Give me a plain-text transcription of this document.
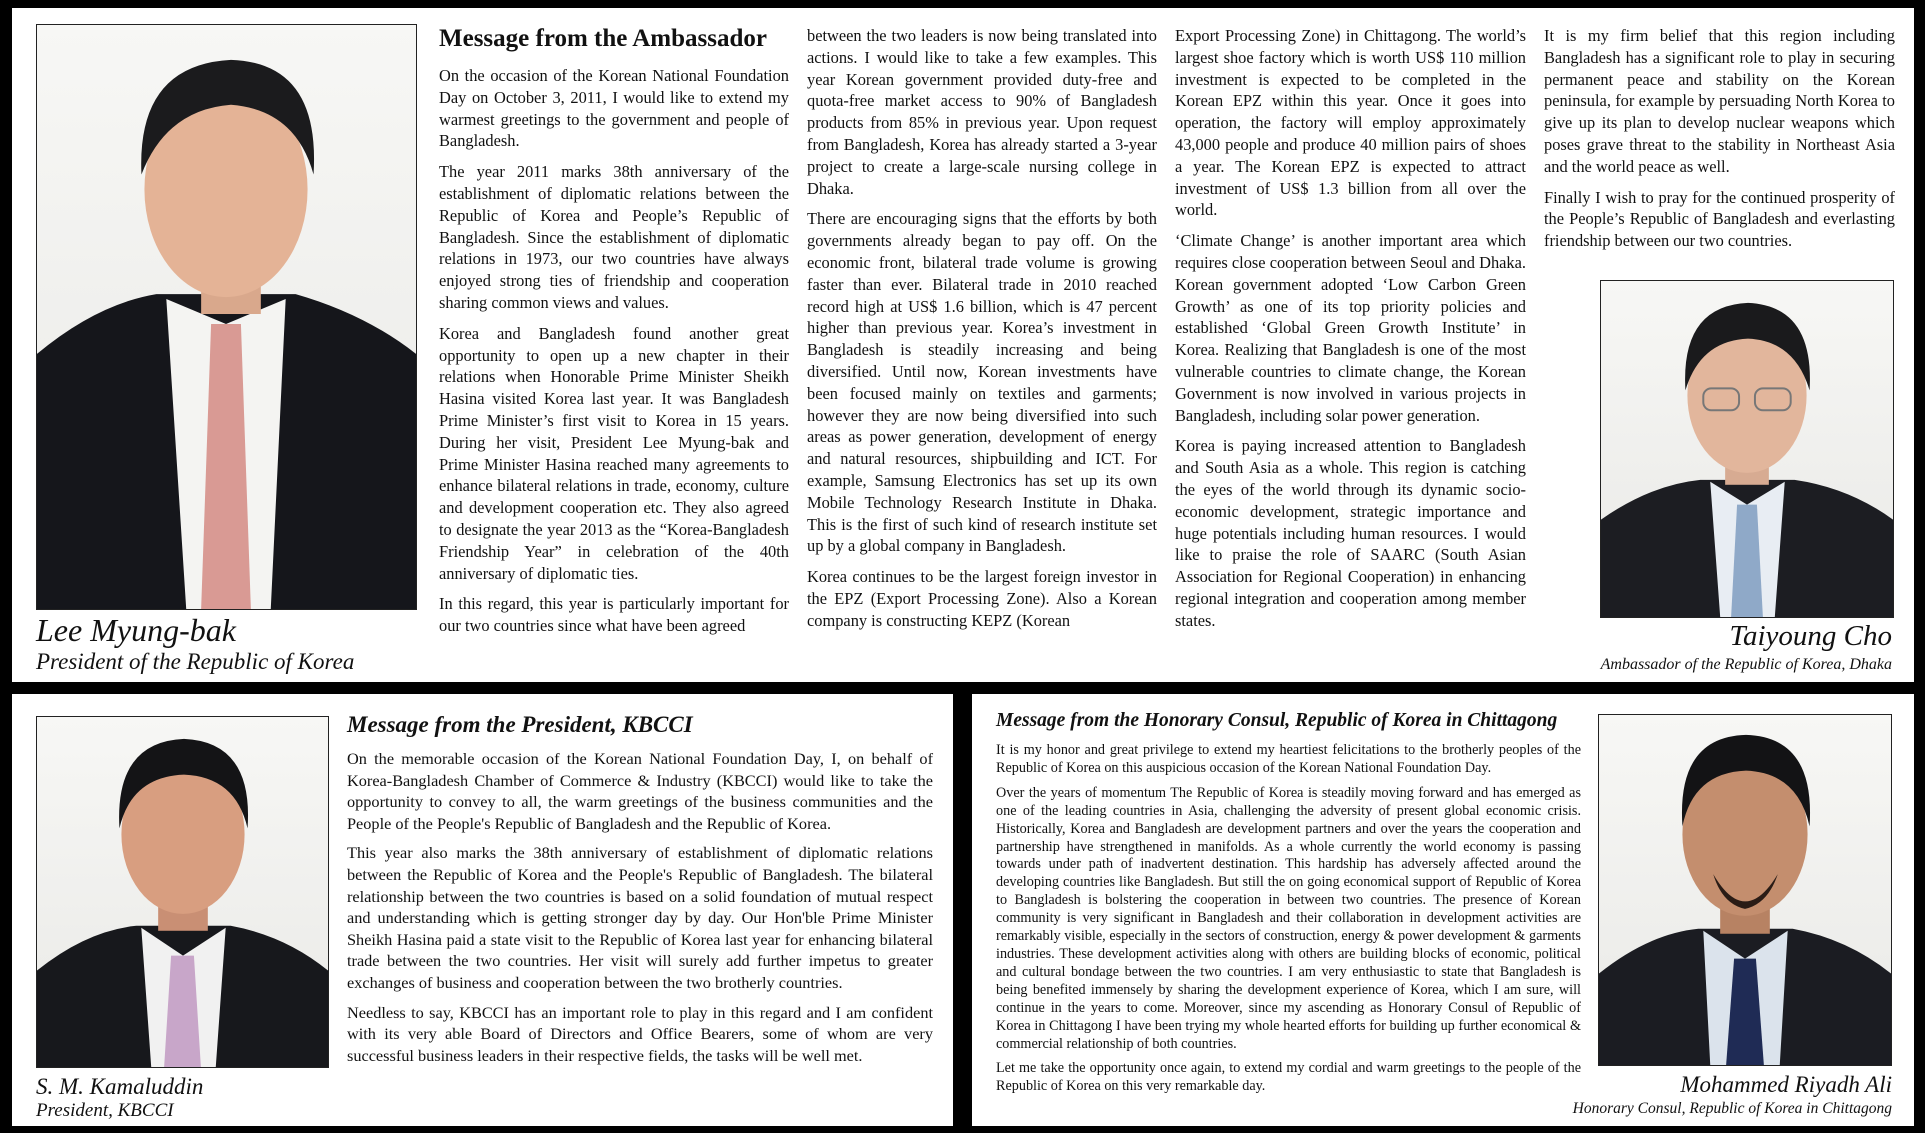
Lee Myung-bak
President of the Republic of Korea
Message from the Ambassador

On the occasion of the Korean National Foundation Day on October 3, 2011, I would like to extend my warmest greetings to the government and people of Bangladesh.

The year 2011 marks 38th anniversary of the establishment of diplomatic relations between the Republic of Korea and People’s Republic of Bangladesh. Since the establishment of diplomatic relations in 1973, our two countries have always enjoyed strong ties of friendship and cooperation sharing common views and values.

Korea and Bangladesh found another great opportunity to open up a new chapter in their relations when Honorable Prime Minister Sheikh Hasina visited Korea last year. It was Bangladesh Prime Minister’s first visit to Korea in 15 years. During her visit, President Lee Myung-bak and Prime Minister Hasina reached many agreements to enhance bilateral relations in trade, economy, culture and development cooperation etc. They also agreed to designate the year 2013 as the “Korea-Bangladesh Friendship Year” in celebration of the 40th anniversary of diplomatic ties.

In this regard, this year is particularly important for our two countries since what have been agreed

between the two leaders is now being translated into actions. I would like to take a few examples. This year Korean government provided duty-free and quota-free market access to 90% of Bangladesh products from 85% in previous year. Upon request from Bangladesh, Korea has already started a 3-year project to create a large-scale nursing college in Dhaka.

There are encouraging signs that the efforts by both governments already began to pay off. On the economic front, bilateral trade volume is growing faster than ever. Bilateral trade in 2010 reached record high at US$ 1.6 billion, which is 47 percent higher than previous year. Korea’s investment in Bangladesh is steadily increasing and being diversified. Until now, Korean investments have been focused mainly on textiles and garments; however they are now being diversified into such areas as power generation, development of energy and natural resources, shipbuilding and ICT. For example, Samsung Electronics has set up its own Mobile Technology Research Institute in Dhaka. This is the first of such kind of research institute set up by a global company in Bangladesh.

Korea continues to be the largest foreign investor in the EPZ (Export Processing Zone). Also a Korean company is constructing KEPZ (Korean

Export Processing Zone) in Chittagong. The world’s largest shoe factory which is worth US$ 110 million investment is expected to be completed in the Korean EPZ within this year. Once it goes into operation, the factory will employ approximately 43,000 people and produce 40 million pairs of shoes a year. The Korean EPZ is expected to attract investment of US$ 1.3 billion from all over the world.

‘Climate Change’ is another important area which requires close cooperation between Seoul and Dhaka. Korean government adopted ‘Low Carbon Green Growth’ as one of its top priority policies and established ‘Global Green Growth Institute’ in Korea. Realizing that Bangladesh is one of the most vulnerable countries to climate change, the Korean Government is now involved in various projects in Bangladesh, including solar power generation.

Korea is paying increased attention to Bangladesh and South Asia as a whole. This region is catching the eyes of the world through its dynamic socio-economic development, strategic importance and huge potentials including human resources. I would like to praise the role of SAARC (South Asian Association for Regional Cooperation) in enhancing regional integration and cooperation among member states.

It is my firm belief that this region including Bangladesh has a significant role to play in securing permanent peace and stability on the Korean peninsula, for example by persuading North Korea to give up its plan to develop nuclear weapons which poses grave threat to the stability in Northeast Asia and the world peace as well.

Finally I wish to pray for the continued prosperity of the People’s Republic of Bangladesh and everlasting friendship between our two countries.

Taiyoung Cho
Ambassador of the Republic of Korea, Dhaka
S. M. Kamaluddin
President, KBCCI
Message from the President, KBCCI

On the memorable occasion of the Korean National Foundation Day, I, on behalf of Korea-Bangladesh Chamber of Commerce & Industry (KBCCI) would like to take the opportunity to convey to all, the warm greetings of the business communities and the People of the People's Republic of Bangladesh and the Republic of Korea.

This year also marks the 38th anniversary of establishment of diplomatic relations between the Republic of Korea and the People's Republic of Bangladesh. The bilateral relationship between the two countries is based on a solid foundation of mutual respect and understanding which is getting stronger day by day. Our Hon'ble Prime Minister Sheikh Hasina paid a state visit to the Republic of Korea last year for enhancing bilateral trade between the two countries. Her visit will surely add further impetus to greater exchanges of business and cooperation between the two brotherly countries.

Needless to say, KBCCI has an important role to play in this regard and I am confident with its very able Board of Directors and Office Bearers, some of whom are very successful business leaders in their respective fields, the tasks will be well met.

Message from the Honorary Consul, Republic of Korea in Chittagong

It is my honor and great privilege to extend my heartiest felicitations to the brotherly peoples of the Republic of Korea on this auspicious occasion of the Korean National Foundation Day.

Over the years of momentum The Republic of Korea is steadily moving forward and has emerged as one of the leading countries in Asia, challenging the adversity of present global economic crisis. Historically, Korea and Bangladesh are development partners and over the years the cooperation and partnership have strengthened in manifolds. As a whole currently the world economy is passing towards under path of inadvertent destination. This hardship has adversely affected around the developing countries like Bangladesh. But still the on going economical support of Republic of Korea to Bangladesh is bolstering the cooperation in between two countries. The presence of Korean community is very significant in Bangladesh and their collaboration in development activities are remarkably visible, especially in the sectors of construction, energy & power development & garments industries. These development activities along with others are building blocks of economic, political and cultural bondage between the two countries. I am very enthusiastic to state that Bangladesh is being benefited immensely by sharing the development experience of Korea, which I am sure, will continue in the years to come. Moreover, since my ascending as Honorary Consul of Republic of Korea in Chittagong I have been trying my whole hearted efforts for building up further economical & commercial relationship of both countries.

Let me take the opportunity once again, to extend my cordial and warm greetings to the people of the Republic of Korea on this very remarkable day.	Mohammed Riyadh Ali
Honorary Consul, Republic of Korea in Chittagong
